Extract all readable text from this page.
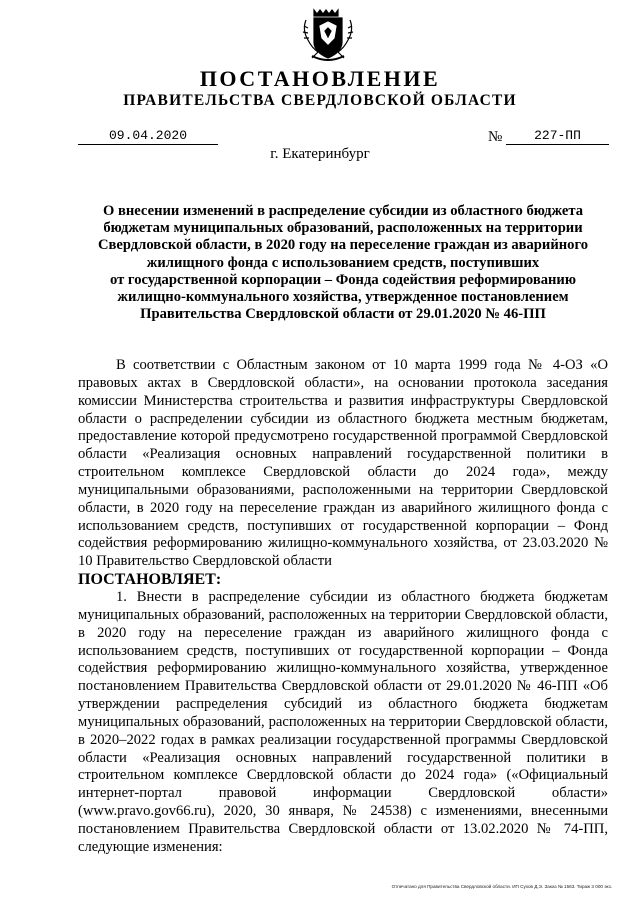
ПОСТАНОВЛЕНИЕ
ПРАВИТЕЛЬСТВА СВЕРДЛОВСКОЙ ОБЛАСТИ
09.04.2020	№	227-ПП
г. Екатеринбург
О внесении изменений в распределение субсидии из областного бюджета
бюджетам муниципальных образований, расположенных на территории
Свердловской области, в 2020 году на переселение граждан из аварийного
жилищного фонда с использованием средств, поступивших
от государственной корпорации – Фонда содействия реформированию
жилищно-коммунального хозяйства, утвержденное постановлением
Правительства Свердловской области от 29.01.2020 № 46-ПП

В соответствии с Областным законом от 10 марта 1999 года № 4-ОЗ «О правовых актах в Свердловской области», на основании протокола заседания комиссии Министерства строительства и развития инфраструктуры Свердловской области о распределении субсидии из областного бюджета местным бюджетам, предоставление которой предусмотрено государственной программой Свердловской области «Реализация основных направлений государственной политики в строительном комплексе Свердловской области до 2024 года», между муниципальными образованиями, расположенными на территории Свердловской области, в 2020 году на переселение граждан из аварийного жилищного фонда с использованием средств, поступивших от государственной корпорации – Фонд содействия реформированию жилищно-коммунального хозяйства, от 23.03.2020 № 10 Правительство Свердловской области

ПОСТАНОВЛЯЕТ:

1. Внести в распределение субсидии из областного бюджета бюджетам муниципальных образований, расположенных на территории Свердловской области, в 2020 году на переселение граждан из аварийного жилищного фонда с использованием средств, поступивших от государственной корпорации – Фонда содействия реформированию жилищно-коммунального хозяйства, утвержденное постановлением Правительства Свердловской области от 29.01.2020 № 46-ПП «Об утверждении распределения субсидий из областного бюджета бюджетам муниципальных образований, расположенных на территории Свердловской области, в 2020–2022 годах в рамках реализации государственной программы Свердловской области «Реализация основных направлений государственной политики в строительном комплексе Свердловской области до 2024 года» («Официальный интернет-портал правовой информации Свердловской области» (www.pravo.gov66.ru), 2020, 30 января, № 24538) с изменениями, внесенными постановлением Правительства Свердловской области от 13.02.2020 № 74-ПП, следующие изменения:

Отпечатано для Правительства Свердловской области. ИП Сухов Д.Э. Заказ № 1563. Тираж 3 000 экз.
